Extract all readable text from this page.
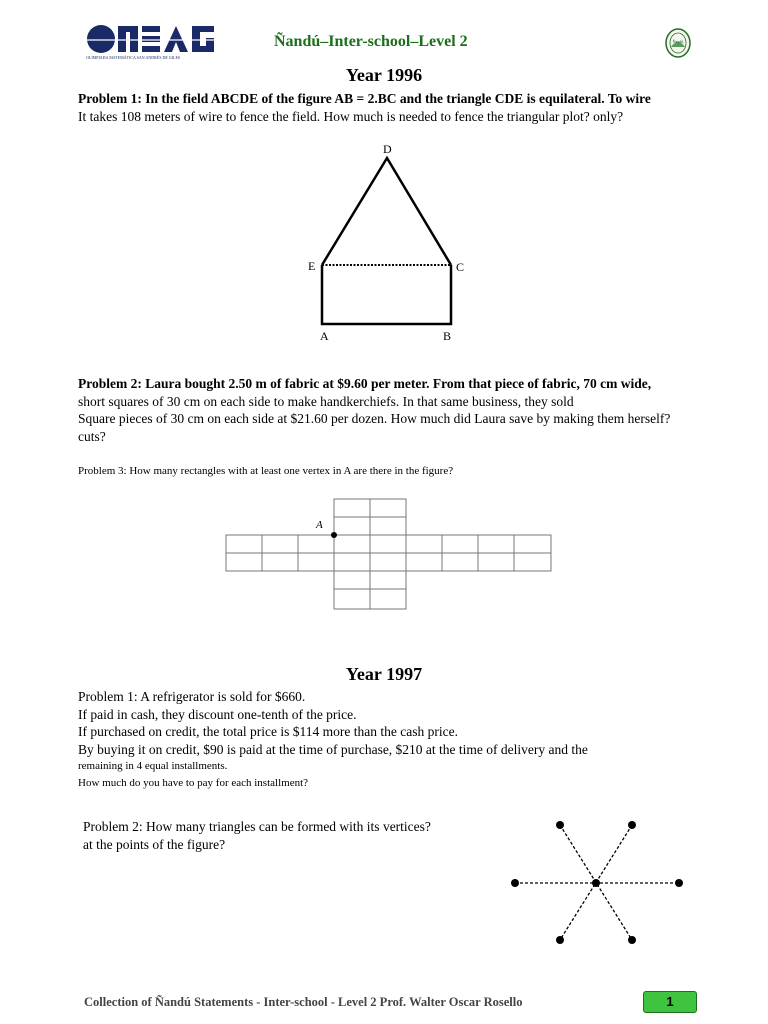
OLIMPIADA MATEMÁTICA SAN ANDRÉS DE GILES
Ñandú–Inter-school–Level 2	Ñandú
Year 1996

Problem 1: In the field ABCDE of the figure AB = 2.BC and the triangle CDE is equilateral. To wire

It takes 108 meters of wire to fence the field. How much is needed to fence the triangular plot? only?

D
E	C
A	B

Problem 2: Laura bought 2.50 m of fabric at $9.60 per meter. From that piece of fabric, 70 cm wide,

short squares of 30 cm on each side to make handkerchiefs. In that same business, they sold

Square pieces of 30 cm on each side at $21.60 per dozen. How much did Laura save by making them herself?

cuts?

Problem 3: How many rectangles with at least one vertex in A are there in the figure?
A
Year 1997

Problem 1: A refrigerator is sold for $660.

If paid in cash, they discount one-tenth of the price.

If purchased on credit, the total price is $114 more than the cash price.

By buying it on credit, $90 is paid at the time of purchase, $210 at the time of delivery and the

remaining in 4 equal installments.

How much do you have to pay for each installment?

Problem 2: How many triangles can be formed with its vertices?

at the points of the figure?

Collection of Ñandú Statements - Inter-school - Level 2 Prof. Walter Oscar Rosello	1
